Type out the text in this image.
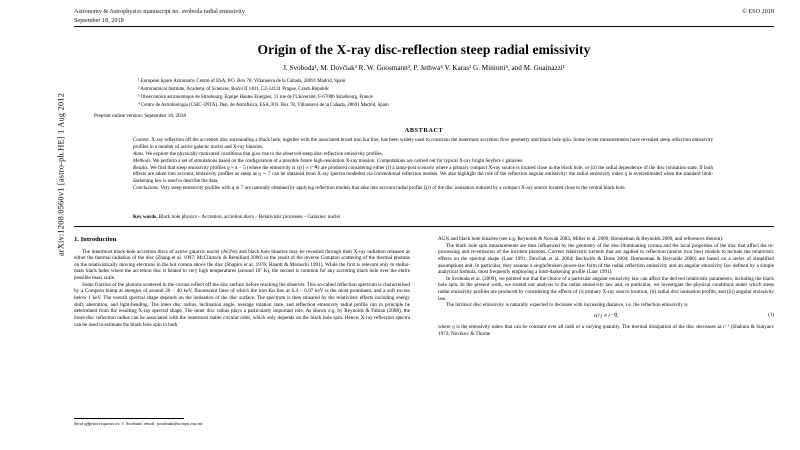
arXiv:1208.0560v1 [astro-ph.HE] 1 Aug 2012
© ESO 2018
Astronomy & Astrophysics manuscript no. svoboda radial emissivity
September 18, 2018
Origin of the X-ray disc-reflection steep radial emissivity
J. Svoboda¹, M. Dovčiak² R. W. Goosmann³, P. Jethwa⁴ V. Karas² G. Miniutti⁴, and M. Guainazzi¹
¹ European Space Astronomy Centre of ESA, P.O. Box 78, Villanueva de la Cañada, 28691 Madrid, Spain
² Astronomical Institute, Academy of Sciences, Boční II 1401, CZ-14131 Prague, Czech Republic
³ Observatoire astronomique de Strasbourg, Equipe Hautes Energies, 11 rue de l'Université, F-67000 Strasbourg, France
⁴ Centro de Astrobiología (CSIC–INTA), Dep. de Astrofísica, ESA, P.O. Box 78, Villanueva de la Cañada, 28691 Madrid, Spain
Preprint online version: September 18, 2018
ABSTRACT

Context. X-ray reflection off the accretion disc surrounding a black hole, together with the associated broad iron Kα line, has been widely used to constrain the innermost accretion flow geometry and black hole spin. Some recent measurements have revealed steep reflection emissivity profiles in a number of active galactic nuclei and X-ray binaries.

Aims. We explore the physically motivated conditions that give rise to the observed steep disc-reflection emissivity profiles.

Methods. We perform a set of simulations based on the configuration of a possible future high-resolution X-ray mission. Computations are carried out for typical X-ray bright Seyfert-1 galaxies.

Results. We find that steep emissivity profiles q ≈ 4 − 5 (where the emissivity is ε(r) ∝ r⁻ᑫ) are produced considering either (i) a lamp-post scenario where a primary compact X-ray source is located close to the black hole, or (ii) the radial dependence of the disc ionisation state. If both effects are taken into account, emissivity profiles as steep as q ∼ 7 can be obtained from X-ray spectra modelled via conventional reflection models. We also highlight the role of the reflection angular emissivity: the radial emissivity index q is overestimated when the standard limb-darkening law is used to describe the data.

Conclusions. Very steep emissivity profiles with q ≳ 7 are naturally obtained by applying reflection models that take into account radial profile ξ(r) of the disc ionisation induced by a compact X-ray source located close to the central black hole.

Key words. Black hole physics – Accretion, accretion discs – Relativistic processes – Galaxies: nuclei
1. Introduction

The innermost black-hole accretion discs of active galactic nuclei (AGNs) and black hole binaries may be revealed through their X-ray radiation released as either the thermal radiation of the disc (Zhang et al. 1997; McClintock & Remillard 2006) or the result of the inverse Compton scattering of the thermal photons on the relativistically moving electrons in the hot corona above the disc (Shapiro et al. 1976; Haardt & Maraschi 1991). While the first is relevant only to stellar-mass black holes where the accretion disc is heated to very high temperatures (around 10⁷ K), the second is common for any accreting black hole over the entire possible mass scale.

Some fraction of the photons scattered in the corona reflect off the disc surface before reaching the observer. This so-called reflection spectrum is characterised by a Compton hump at energies of around 20 − 40 keV, fluorescent lines of which the iron Kα line at 6.4 − 6.97 keV is the most prominent, and a soft excess below 1 keV. The overall spectral shape depends on the ionisation of the disc surface. The spectrum is then smeared by the relativistic effects including energy shift, aberration, and light-bending. The inner disc radius, inclination angle, average rotation state, and reflection emissivity radial profile can in principle be determined from the resulting X-ray spectral shape. The inner disc radius plays a particularly important role. As shown e.g. by Reynolds & Fabian (2008), the inner-disc reflection radius can be associated with the innermost stable circular orbit, which only depends on the black hole spin. Hence, X-ray reflection spectra can be used to estimate the black hole spin in both

AGN and black hole binaries (see e.g. Reynolds & Nowak 2003; Miller et al. 2009; Brenneman & Reynolds 2009, and references therein).

The black hole spin measurements are thus influenced by the geometry of the disc-illuminating corona and the local properties of the disc that affect the re-processing and re-emission of the incident photons. Current relativistic kernels that are applied to reflection (and/or iron line) models to include the relativistic effects on the spectral shape (Laor 1991; Dovčiak et al. 2004; Beckwith & Done 2004; Brenneman & Reynolds 2006) are based on a series of simplified assumptions and, in particular, they assume a single/broken power-law form of the radial reflection emissivity and an angular emissivity law defined by a simple analytical formula, most frequently employing a limb-darkening profile (Laor 1991).

In Svoboda et al. (2009), we pointed out that the choice of a particular angular emissivity law can affect the derived relativistic parameters, including the black hole spin. In the present work, we extend our analysis to the radial emissivity law and, in particular, we investigate the physical conditions under which steep radial emissivity profiles are produced by considering the effects of (i) primary X-ray source location, (ii) radial disc ionisation profile, and (iii) angular emissivity law.

The intrinsic disc emissivity is naturally expected to decrease with increasing distance, i.e. the reflection emissivity is

ε(r) ∝ r⁻ᑫ,	(1)

where q is the emissivity index that can be constant over all radii or a varying quantity. The thermal dissipation of the disc decreases as r⁻³ (Shakura & Sunyaev 1973; Novikov & Thorne

Send offprint requests to: J. Svoboda, email: jsvoboda@sciops.esa.int
